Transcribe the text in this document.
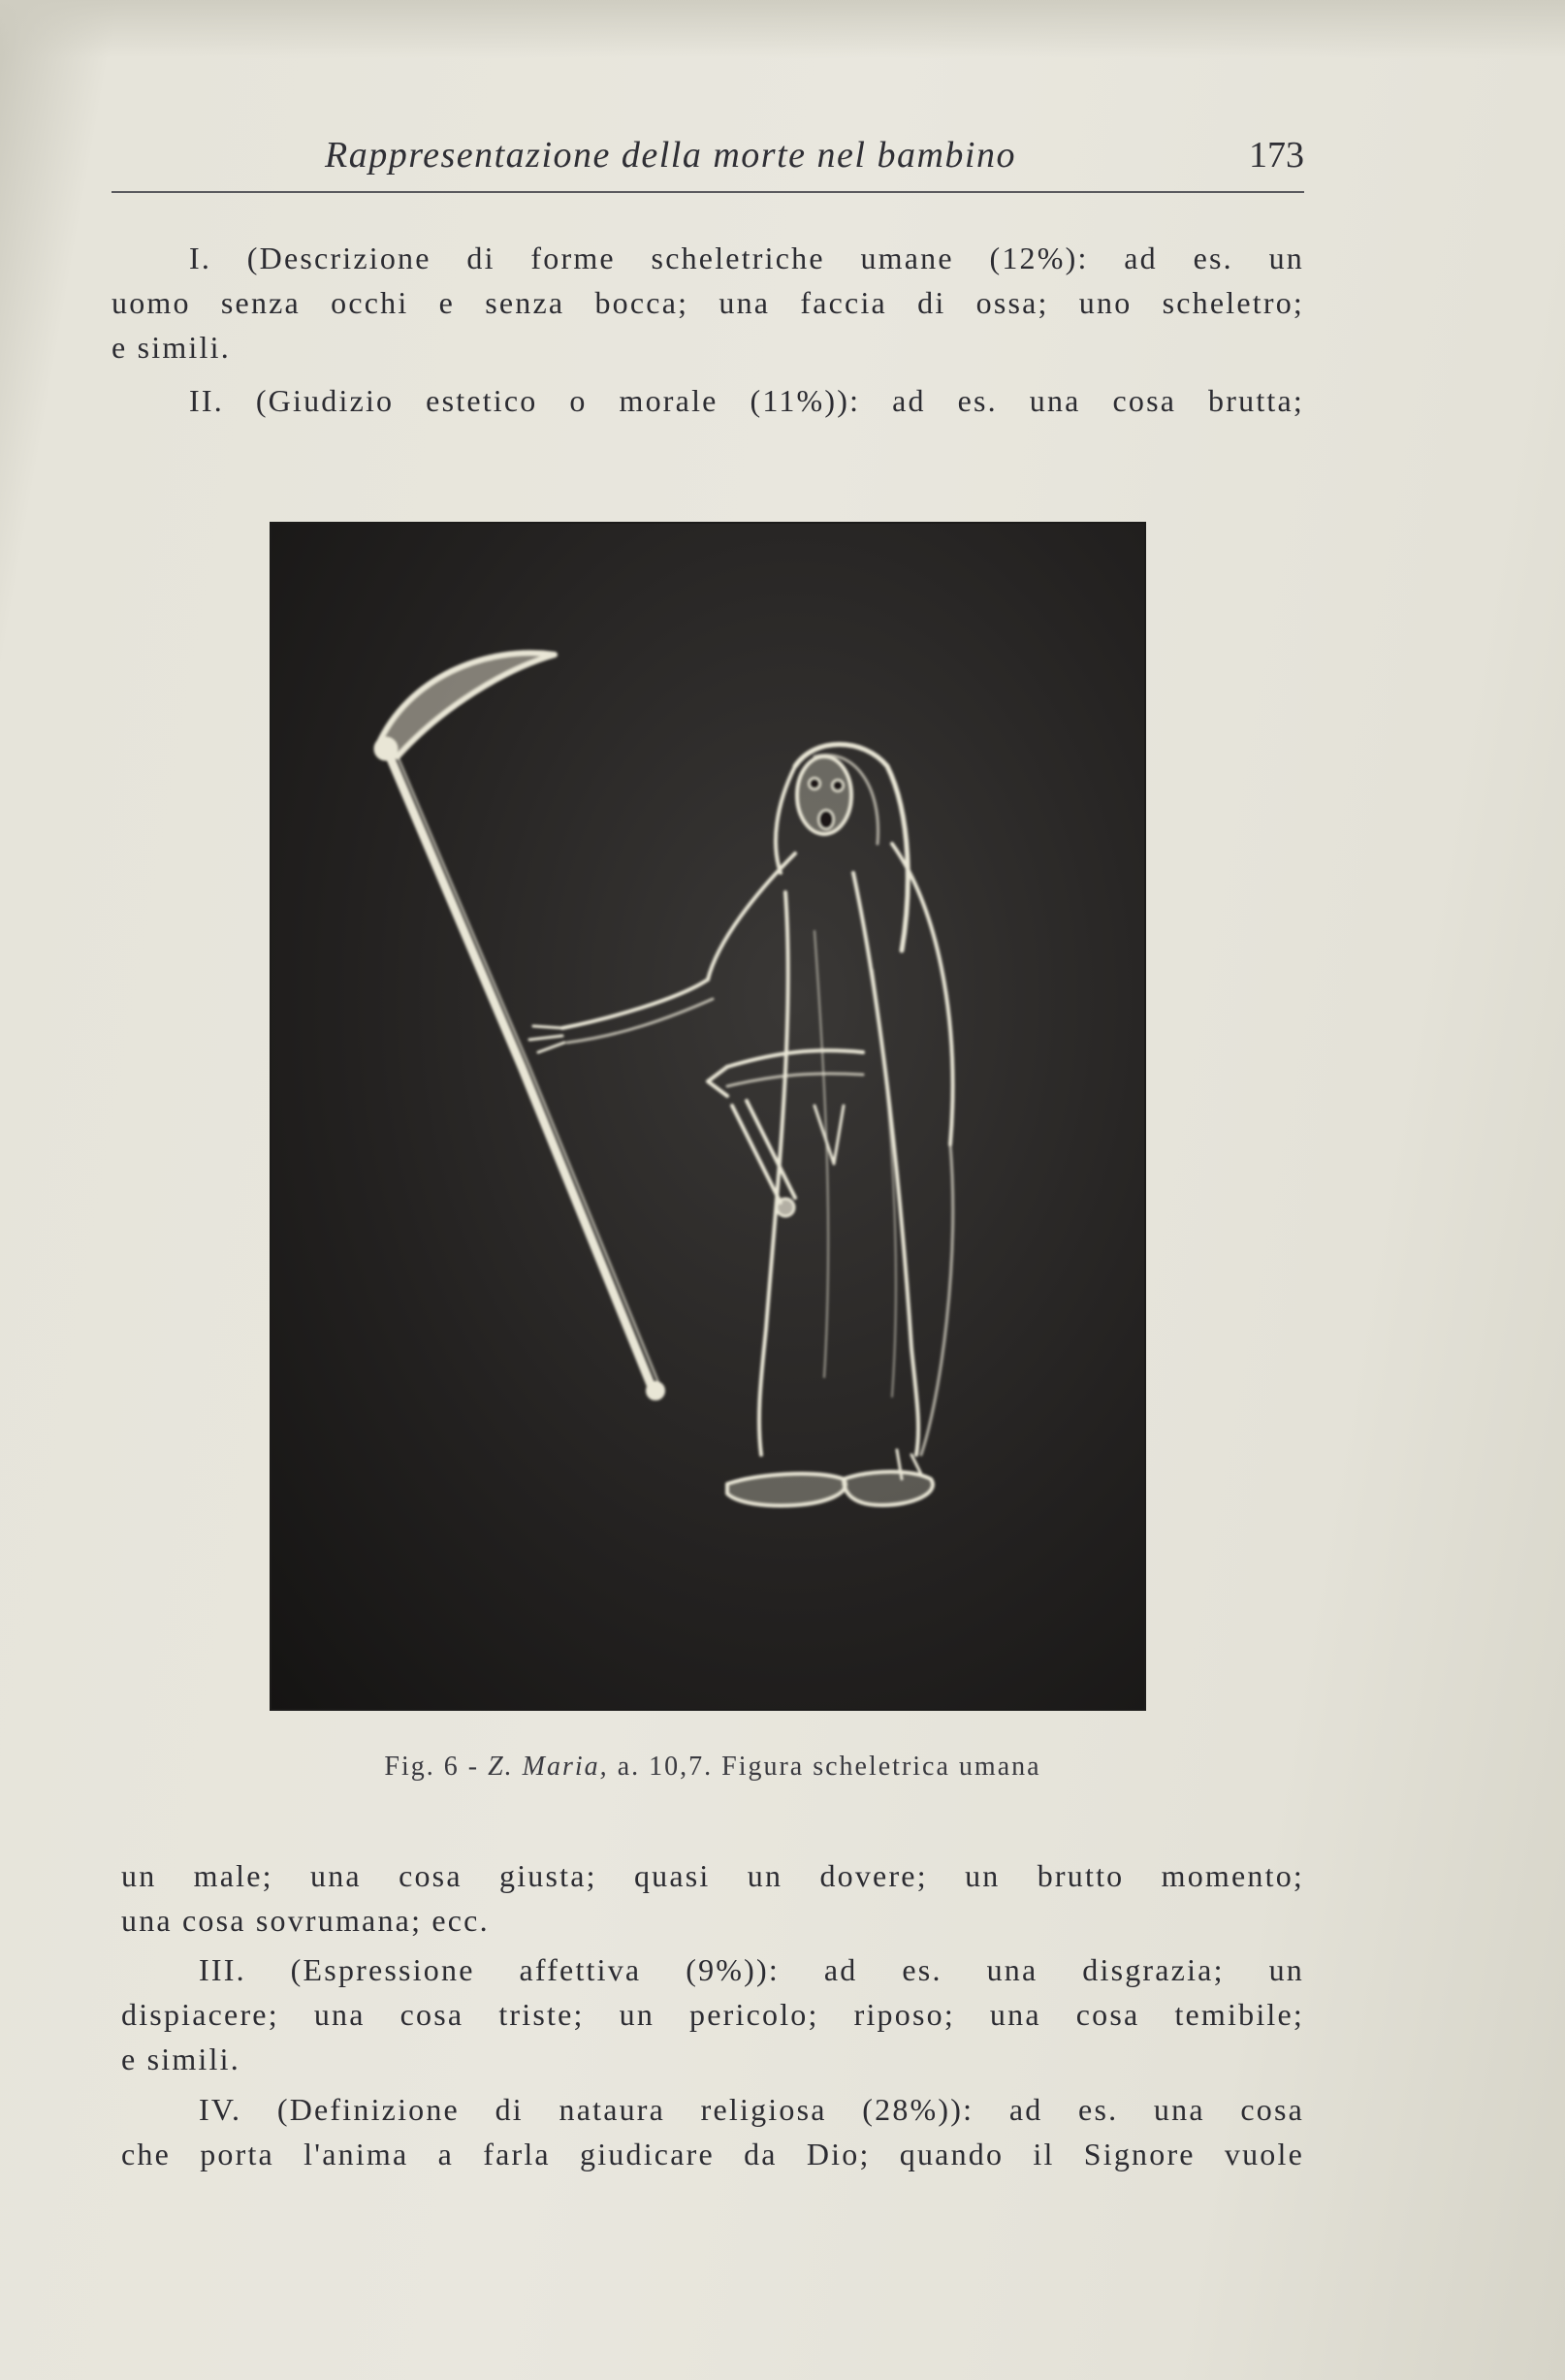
Rappresentazione della morte nel bambino	173
I. (Descrizione di forme scheletriche umane (12%): ad es. un
uomo senza occhi e senza bocca; una faccia di ossa; uno scheletro;
e simili.
II. (Giudizio estetico o morale (11%)): ad es. una cosa brutta;
Fig. 6 - Z. Maria, a. 10,7. Figura scheletrica umana
un male; una cosa giusta; quasi un dovere; un brutto momento;
una cosa sovrumana; ecc.
III. (Espressione affettiva (9%)): ad es. una disgrazia; un
dispiacere; una cosa triste; un pericolo; riposo; una cosa temibile;
e simili.
IV. (Definizione di nataura religiosa (28%)): ad es. una cosa
che porta l'anima a farla giudicare da Dio; quando il Signore vuole
